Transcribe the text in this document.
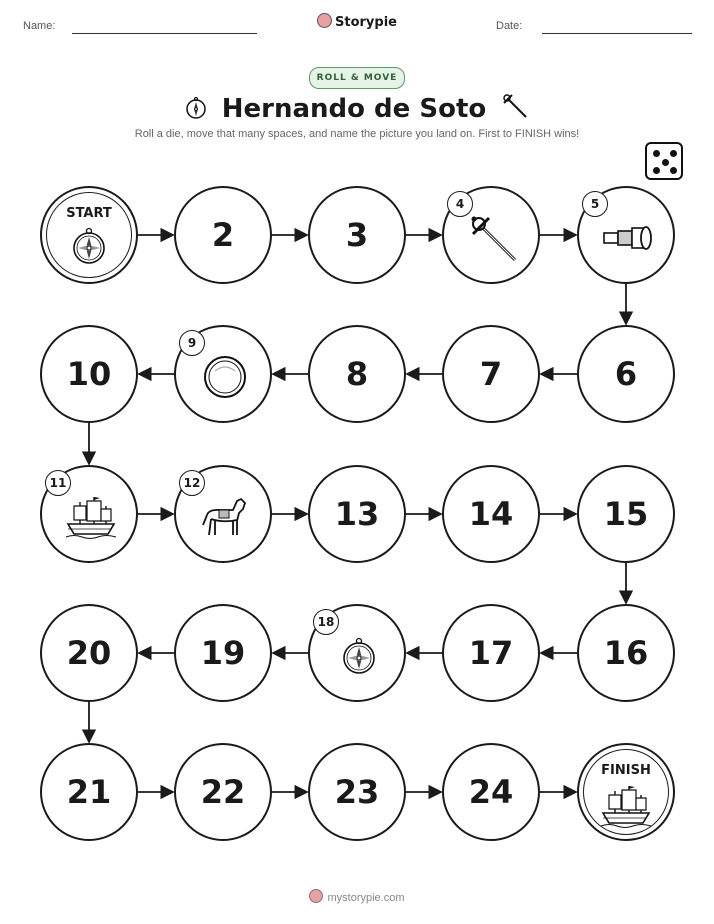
Name:	Storypie	Date:
ROLL & MOVE
Hernando de Soto
Roll a die, move that many spaces, and name the picture you land on. First to FINISH wins!
START
2	3
4	5
6
7
8
9
10
11	12
13	14	15
16
17
18
19
20
21	22	23	24
FINISH
mystorypie.com
